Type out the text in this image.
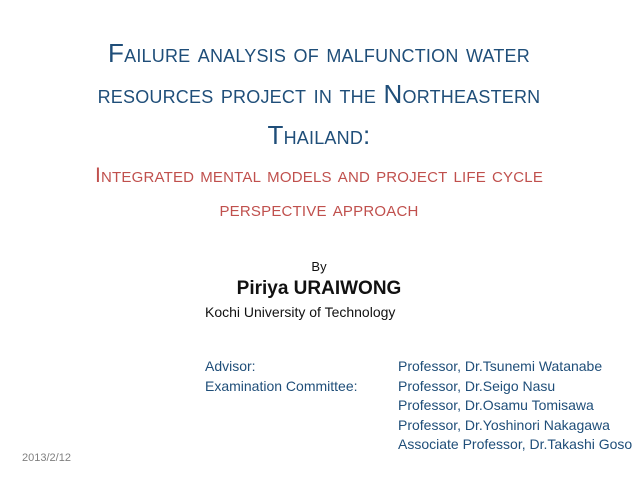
Failure analysis of malfunction water
resources project in the Northeastern
Thailand:
Integrated mental models and project life cycle
perspective approach
By
Piriya URAIWONG
Kochi University of Technology
Advisor:
Examination Committee:
Professor, Dr.Tsunemi Watanabe
Professor, Dr.Seigo Nasu
Professor, Dr.Osamu Tomisawa
Professor, Dr.Yoshinori Nakagawa
Associate Professor, Dr.Takashi Goso
2013/2/12
